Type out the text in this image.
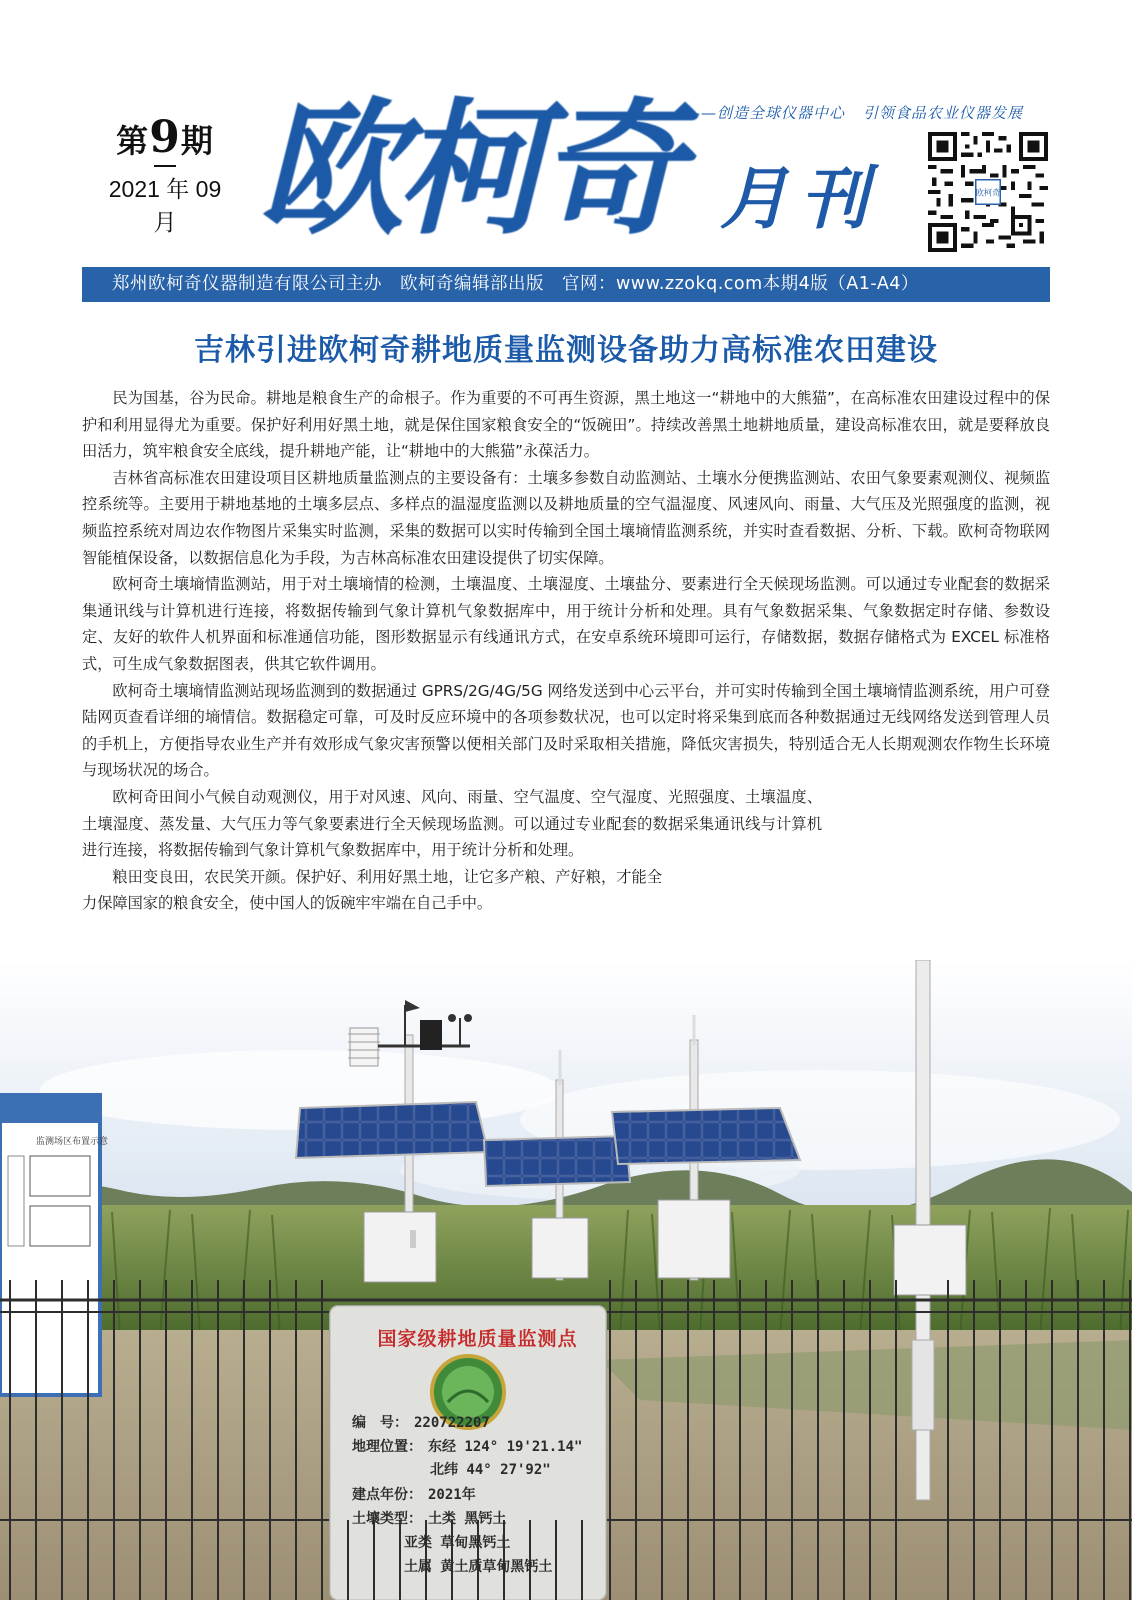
第9期
2021 年 09月 欧柯奇 月刊
——创造全球仪器中心 引领食品农业仪器发展
欧柯奇
郑州欧柯奇仪器制造有限公司主办　欧柯奇编辑部出版　官网：www.zzokq.com本期4版（A1-A4）
吉林引进欧柯奇耕地质量监测设备助力高标准农田建设

民为国基，谷为民命。耕地是粮食生产的命根子。作为重要的不可再生资源，黑土地这一“耕地中的大熊猫”，在高标准农田建设过程中的保护和利用显得尤为重要。保护好利用好黑土地，就是保住国家粮食安全的“饭碗田”。持续改善黑土地耕地质量，建设高标准农田，就是要释放良田活力，筑牢粮食安全底线，提升耕地产能，让“耕地中的大熊猫”永葆活力。

吉林省高标准农田建设项目区耕地质量监测点的主要设备有：土壤多参数自动监测站、土壤水分便携监测站、农田气象要素观测仪、视频监控系统等。主要用于耕地基地的土壤多层点、多样点的温湿度监测以及耕地质量的空气温湿度、风速风向、雨量、大气压及光照强度的监测，视频监控系统对周边农作物图片采集实时监测，采集的数据可以实时传输到全国土壤墒情监测系统，并实时查看数据、分析、下载。欧柯奇物联网智能植保设备，以数据信息化为手段，为吉林高标准农田建设提供了切实保障。

欧柯奇土壤墒情监测站，用于对土壤墒情的检测，土壤温度、土壤湿度、土壤盐分、要素进行全天候现场监测。可以通过专业配套的数据采集通讯线与计算机进行连接，将数据传输到气象计算机气象数据库中，用于统计分析和处理。具有气象数据采集、气象数据定时存储、参数设定、友好的软件人机界面和标准通信功能，图形数据显示有线通讯方式，在安卓系统环境即可运行，存储数据，数据存储格式为 EXCEL 标准格式，可生成气象数据图表，供其它软件调用。

欧柯奇土壤墒情监测站现场监测到的数据通过 GPRS/2G/4G/5G 网络发送到中心云平台，并可实时传输到全国土壤墒情监测系统，用户可登陆网页查看详细的墒情信。数据稳定可靠，可及时反应环境中的各项参数状况，也可以定时将采集到底而各种数据通过无线网络发送到管理人员的手机上，方便指导农业生产并有效形成气象灾害预警以便相关部门及时采取相关措施，降低灾害损失，特别适合无人长期观测农作物生长环境与现场状况的场合。

欧柯奇田间小气候自动观测仪，用于对风速、风向、雨量、空气温度、空气湿度、光照强度、土壤温度、土壤湿度、蒸发量、大气压力等气象要素进行全天候现场监测。可以通过专业配套的数据采集通讯线与计算机进行连接，将数据传输到气象计算机气象数据库中，用于统计分析和处理。

粮田变良田，农民笑开颜。保护好、利用好黑土地，让它多产粮、产好粮，才能全力保障国家的粮食安全，使中国人的饭碗牢牢端在自己手中。

监测场区布置示意
国家级耕地质量监测点
编　号： 220722207
地理位置： 东经 124° 19'21.14"
北纬 44° 27'92"
建点年份： 2021年
土壤类型： 土类 黑钙土
亚类 草甸黑钙土
土属 黄土质草甸黑钙土
